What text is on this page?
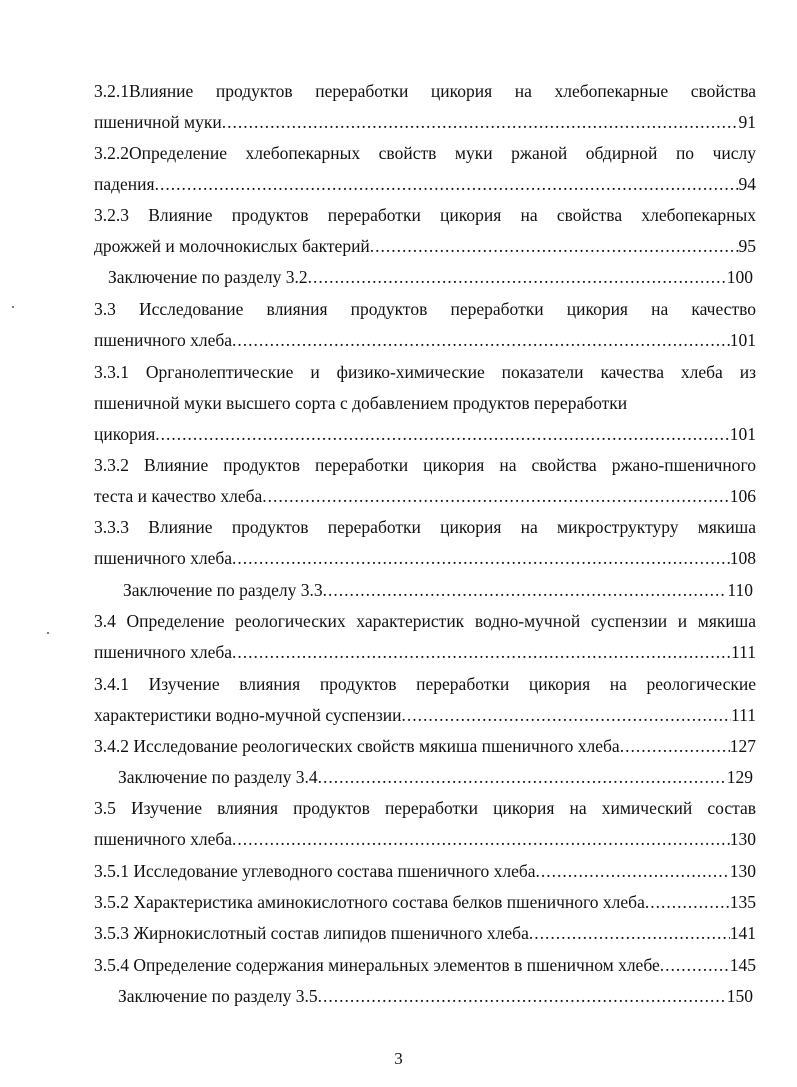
3.2.1Влияние продуктов переработки цикория на хлебопекарные свойства
пшеничной муки .....	91
3.2.2Определение хлебопекарных свойств муки ржаной обдирной по числу
падения .....	94
3.2.3 Влияние продуктов переработки цикория на свойства хлебопекарных
дрожжей и молочнокислых бактерий .....	95
Заключение по разделу 3.2 .....	100
3.3 Исследование влияния продуктов переработки цикория на качество
пшеничного хлеба .....	101
3.3.1 Органолептические и физико-химические показатели качества хлеба из
пшеничной муки высшего сорта с добавлением продуктов переработки
цикория .....	101
3.3.2 Влияние продуктов переработки цикория на свойства ржано-пшеничного
теста и качество хлеба .....	106
3.3.3 Влияние продуктов переработки цикория на микроструктуру мякиша
пшеничного хлеба .....	108
Заключение по разделу 3.3 .....	110
3.4 Определение реологических характеристик водно-мучной суспензии и мякиша
пшеничного хлеба .....	111
3.4.1 Изучение влияния продуктов переработки цикория на реологические
характеристики водно-мучной суспензии .....	111
3.4.2 Исследование реологических свойств мякиша пшеничного хлеба .....	127
Заключение по разделу 3.4 .....	129
3.5 Изучение влияния продуктов переработки цикория на химический состав
пшеничного хлеба .....	130
3.5.1 Исследование углеводного состава пшеничного хлеба .....	130
3.5.2 Характеристика аминокислотного состава белков пшеничного хлеба .....	135
3.5.3 Жирнокислотный состав липидов пшеничного хлеба .....	141
3.5.4 Определение содержания минеральных элементов в пшеничном хлебе .....	145
Заключение по разделу 3.5 .....	150
3
